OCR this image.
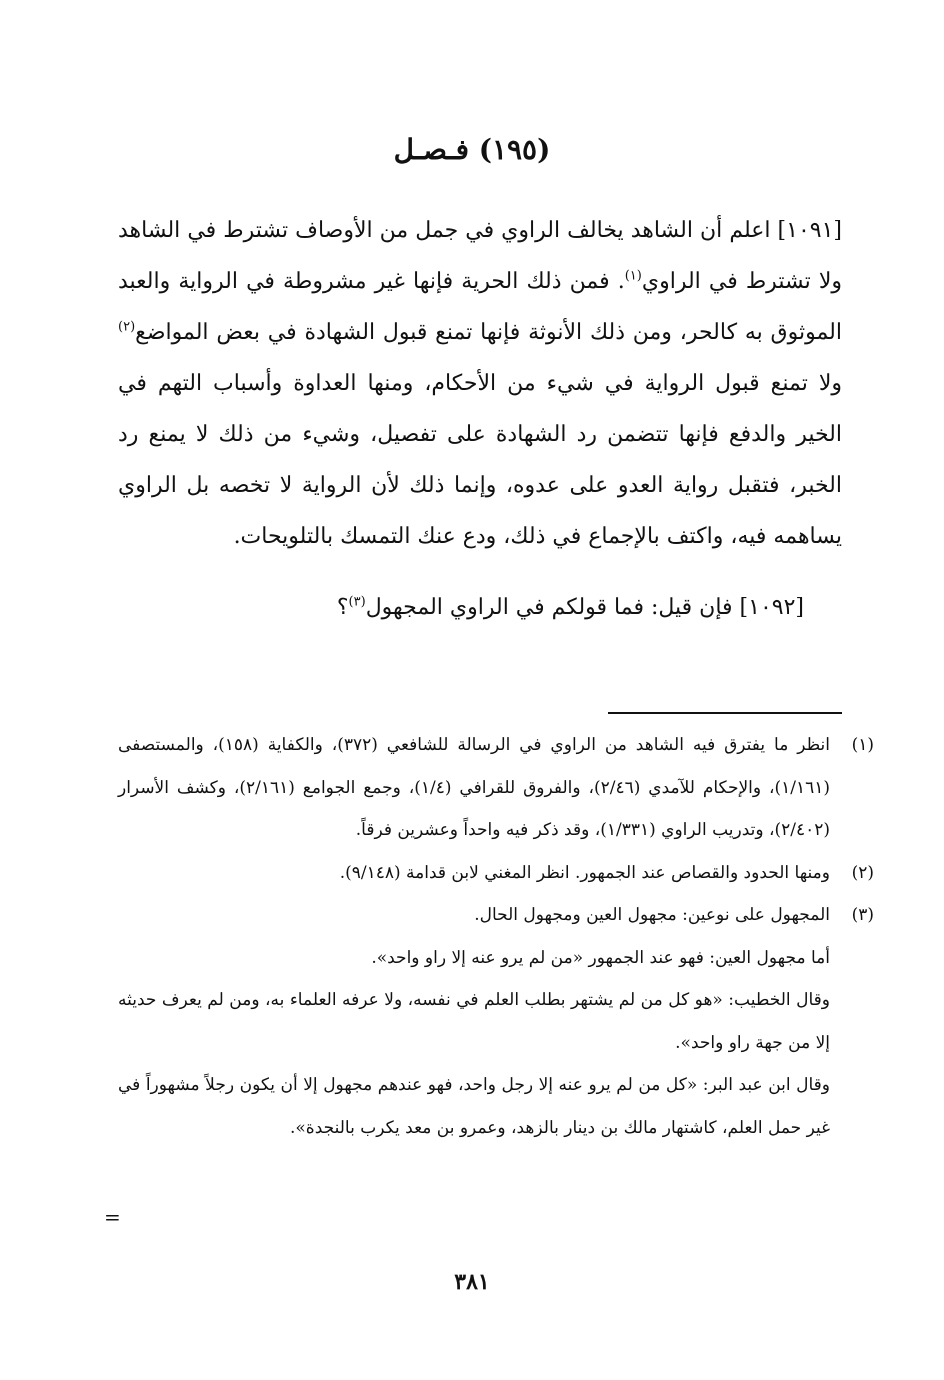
(١٩٥) فـصـل

[١٠٩١] اعلم أن الشاهد يخالف الراوي في جمل من الأوصاف تشترط في الشاهد ولا تشترط في الراوي$^{(١)}$. فمن ذلك الحرية فإنها غير مشروطة في الرواية والعبد الموثوق به كالحر، ومن ذلك الأنوثة فإنها تمنع قبول الشهادة في بعض المواضع$^{(٢)}$ ولا تمنع قبول الرواية في شيء من الأحكام، ومنها العداوة وأسباب التهم في الخير والدفع فإنها تتضمن رد الشهادة على تفصيل، وشيء من ذلك لا يمنع رد الخبر، فتقبل رواية العدو على عدوه، وإنما ذلك لأن الرواية لا تخصه بل الراوي يساهمه فيه، واكتف بالإجماع في ذلك، ودع عنك التمسك بالتلويحات.

[١٠٩٢] فإن قيل: فما قولكم في الراوي المجهول$^{(٣)}$؟

(١)

انظر ما يفترق فيه الشاهد من الراوي في الرسالة للشافعي (٣٧٢)، والكفاية (١٥٨)، والمستصفى (١/١٦١)، والإحكام للآمدي (٢/٤٦)، والفروق للقرافي (١/٤)، وجمع الجوامع (٢/١٦١)، وكشف الأسرار (٢/٤٠٢)، وتدريب الراوي (١/٣٣١)، وقد ذكر فيه واحداً وعشرين فرقاً.

(٢)

ومنها الحدود والقصاص عند الجمهور. انظر المغني لابن قدامة (٩/١٤٨).

(٣)

المجهول على نوعين: مجهول العين ومجهول الحال.

أما مجهول العين: فهو عند الجمهور «من لم يرو عنه إلا راو واحد».

وقال الخطيب: «هو كل من لم يشتهر بطلب العلم في نفسه، ولا عرفه العلماء به، ومن لم يعرف حديثه إلا من جهة راو واحد».

وقال ابن عبد البر: «كل من لم يرو عنه إلا رجل واحد، فهو عندهم مجهول إلا أن يكون رجلاً مشهوراً في غير حمل العلم، كاشتهار مالك بن دينار بالزهد، وعمرو بن معد يكرب بالنجدة».

=
٣٨١
